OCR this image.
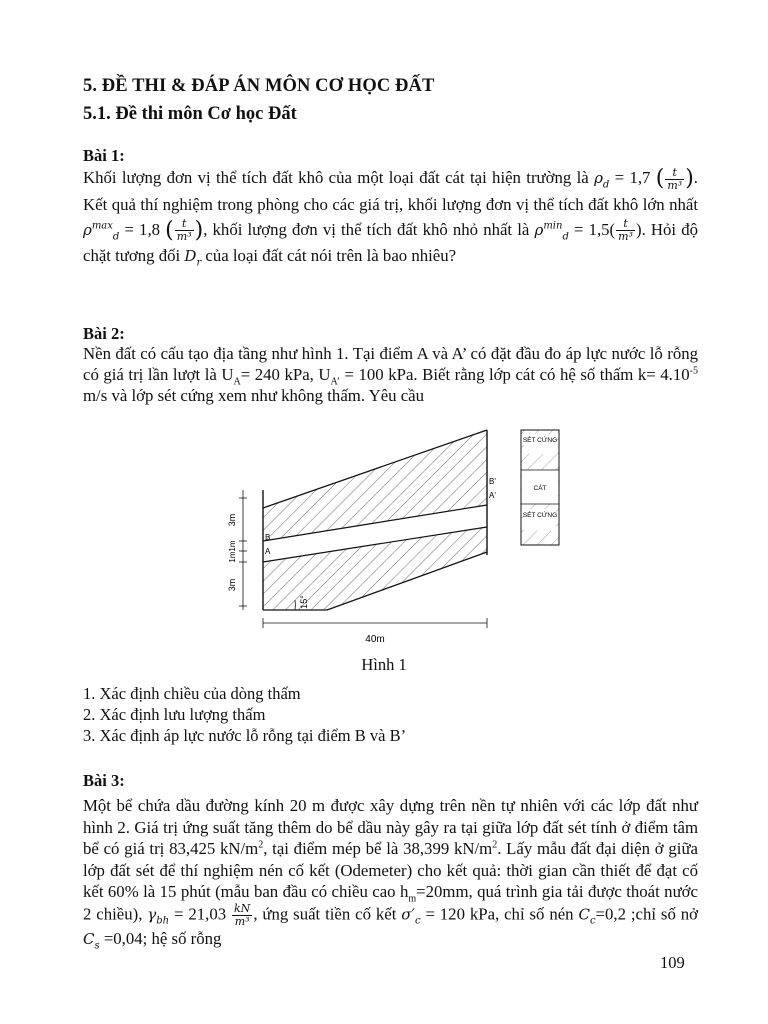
5. ĐỀ THI & ĐÁP ÁN MÔN CƠ HỌC ĐẤT
5.1. Đề thi môn Cơ học Đất
Bài 1:
Khối lượng đơn vị thể tích đất khô của một loại đất cát tại hiện trường là $\rho_d = 1,7$ ( $\frac{t}{\text{m³}}$ ). Kết quả thí nghiệm trong phòng cho các giá trị, khối lượng đơn vị thể tích đất khô lớn nhất $\rho^{max}_d = 1,8$ ( $\frac{t}{\text{m³}}$ ), khối lượng đơn vị thể tích đất khô nhỏ nhất là $\rho^{min}_d = 1,5( \frac{t}{\text{m³}}$ ). Hỏi độ chặt tương đối $D_r$ của loại đất cát nói trên là bao nhiêu?
Bài 2:
Nền đất có cấu tạo địa tầng như hình 1. Tại điểm A và A’ có đặt đầu đo áp lực nước lỗ rỗng có giá trị lần lượt là $U_A= 240$ kPa, $U_{A’} = 100$ kPa. Biết rằng lớp cát có hệ số thấm $k= 4.10^{-5}$ m/s và lớp sét cứng xem như không thấm. Yêu cầu
SÉT CỨNG
CÁT
SÉT CỨNG
3m
1m
1m
3m
B
A
B'
A'
15°
40m
Hình 1
1. Xác định chiều của dòng thấm
2. Xác định lưu lượng thấm
3. Xác định áp lực nước lỗ rỗng tại điểm B và B’
Bài 3:
Một bể chứa dầu đường kính 20 m được xây dựng trên nền tự nhiên với các lớp đất như hình 2. Giá trị ứng suất tăng thêm do bể dầu này gây ra tại giữa lớp đất sét tính ở điểm tâm bể có giá trị 83,425 $kN/m^2$, tại điểm mép bể là 38,399 $kN/m^2$. Lấy mẫu đất đại diện ở giữa lớp đất sét để thí nghiệm nén cố kết (Odemeter) cho kết quả: thời gian cần thiết để đạt cố kết 60% là 15 phút (mẫu ban đầu có chiều cao $h_m=20mm$, quá trình gia tải được thoát nước 2 chiều), $\gamma_{bh} = 21,03 \frac{kN}{\text{m³}}$ , ứng suất tiền cố kết $\sigma'_c = 120$ kPa, chỉ số nén $C_c=0,2$ ;chỉ số nở $C_s =0,04$; hệ số rỗng
109
